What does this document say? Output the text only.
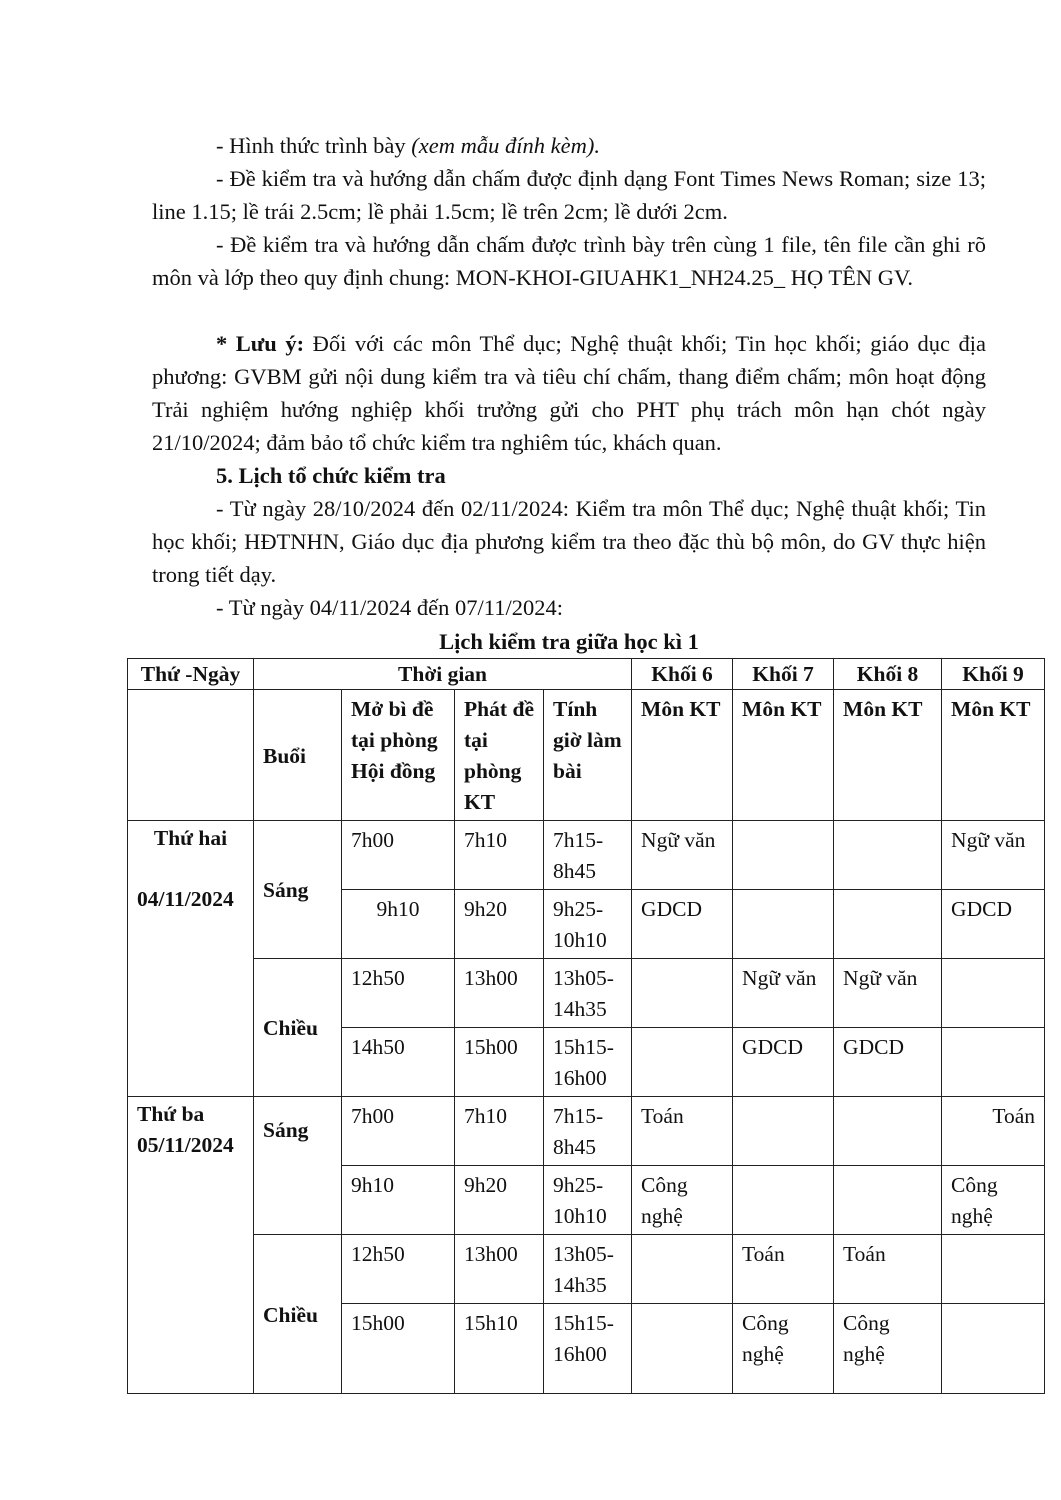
- Hình thức trình bày (xem mẫu đính kèm).
- Đề kiểm tra và hướng dẫn chấm được định dạng Font Times News Roman; size 13; line 1.15; lề trái 2.5cm; lề phải 1.5cm; lề trên 2cm; lề dưới 2cm.
- Đề kiểm tra và hướng dẫn chấm được trình bày trên cùng 1 file, tên file cần ghi rõ môn và lớp theo quy định chung: MON-KHOI-GIUAHK1_NH24.25_ HỌ TÊN GV.
* Lưu ý: Đối với các môn Thể dục; Nghệ thuật khối; Tin học khối; giáo dục địa phương: GVBM gửi nội dung kiểm tra và tiêu chí chấm, thang điểm chấm; môn hoạt động Trải nghiệm hướng nghiệp khối trưởng gửi cho PHT phụ trách môn hạn chót ngày 21/10/2024; đảm bảo tổ chức kiểm tra nghiêm túc, khách quan.
5. Lịch tổ chức kiểm tra
- Từ ngày 28/10/2024 đến 02/11/2024: Kiểm tra môn Thể dục; Nghệ thuật khối; Tin học khối; HĐTNHN, Giáo dục địa phương kiểm tra theo đặc thù bộ môn, do GV thực hiện trong tiết dạy.
- Từ ngày 04/11/2024 đến 07/11/2024:
Lịch kiểm tra giữa học kì 1
Thứ -Ngày	Thời gian				Khối 6	Khối 7	Khối 8	Khối 9
	Buổi	Mở bì đề tại phòng Hội đồng	Phát đề tại phòng KT	Tính giờ làm bài	Môn KT	Môn KT	Môn KT	Môn KT

Thứ hai
04/11/2024	Sáng	7h00	7h10	7h15-8h45	Ngữ văn			Ngữ văn
		9h10	9h20	9h25-10h10	GDCD			GDCD
	Chiều	12h50	13h00	13h05-14h35		Ngữ văn	Ngữ văn	
		14h50	15h00	15h15-16h00		GDCD	GDCD	

Thứ ba
05/11/2024	Sáng	7h00	7h10	7h15-8h45	Toán			Toán
		9h10	9h20	9h25-10h10	Công nghệ			Công nghệ
	Chiều	12h50	13h00	13h05-14h35		Toán	Toán	
		15h00	15h10	15h15-16h00		Công nghệ	Công nghệ	
